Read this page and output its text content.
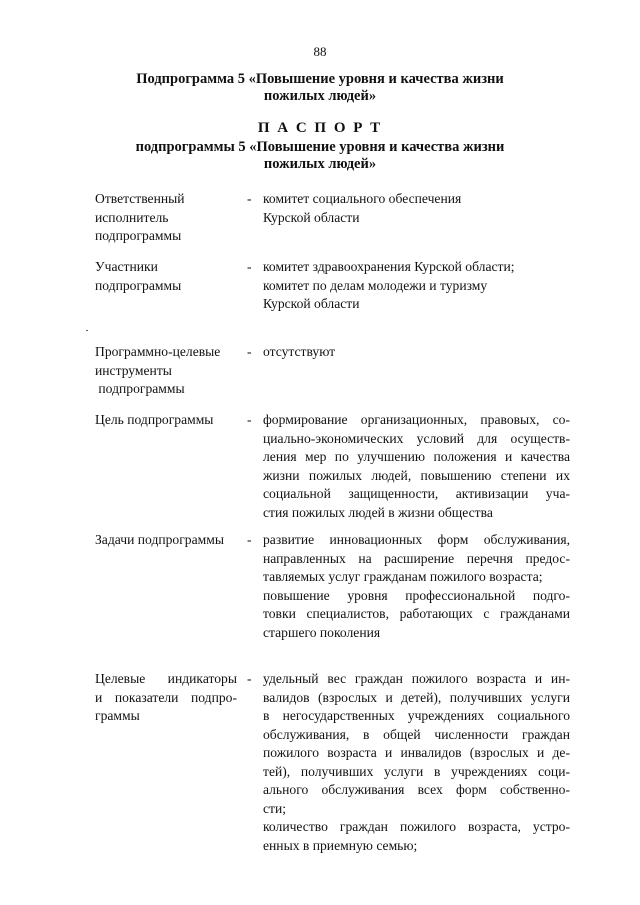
88
Подпрограмма 5 «Повышение уровня и качества жизни
пожилых людей»
П А С П О Р Т
подпрограммы 5 «Повышение уровня и качества жизни
пожилых людей»
Ответственный
исполнитель
подпрограммы
- комитет социального обеспечения
Курской области
Участники
подпрограммы
- комитет здравоохранения Курской области;
комитет по делам молодежи и туризму
Курской области
Программно-целевые
инструменты
подпрограммы
- отсутствуют
Цель подпрограммы	- формирование организационных, правовых, со-
циально-экономических условий для осуществ-
ления мер по улучшению положения и качества
жизни пожилых людей, повышению степени их
социальной защищенности, активизации уча-
стия пожилых людей в жизни общества
Задачи подпрограммы	- развитие инновационных форм обслуживания,
направленных на расширение перечня предос-
тавляемых услуг гражданам пожилого возраста;
повышение уровня профессиональной подго-
товки специалистов, работающих с гражданами
старшего поколения
Целевые индикаторы
и показатели подпро-
граммы
- удельный вес граждан пожилого возраста и ин-
валидов (взрослых и детей), получивших услуги
в негосударственных учреждениях социального
обслуживания, в общей численности граждан
пожилого возраста и инвалидов (взрослых и де-
тей), получивших услуги в учреждениях соци-
ального обслуживания всех форм собственно-
сти;
количество граждан пожилого возраста, устро-
енных в приемную семью;
